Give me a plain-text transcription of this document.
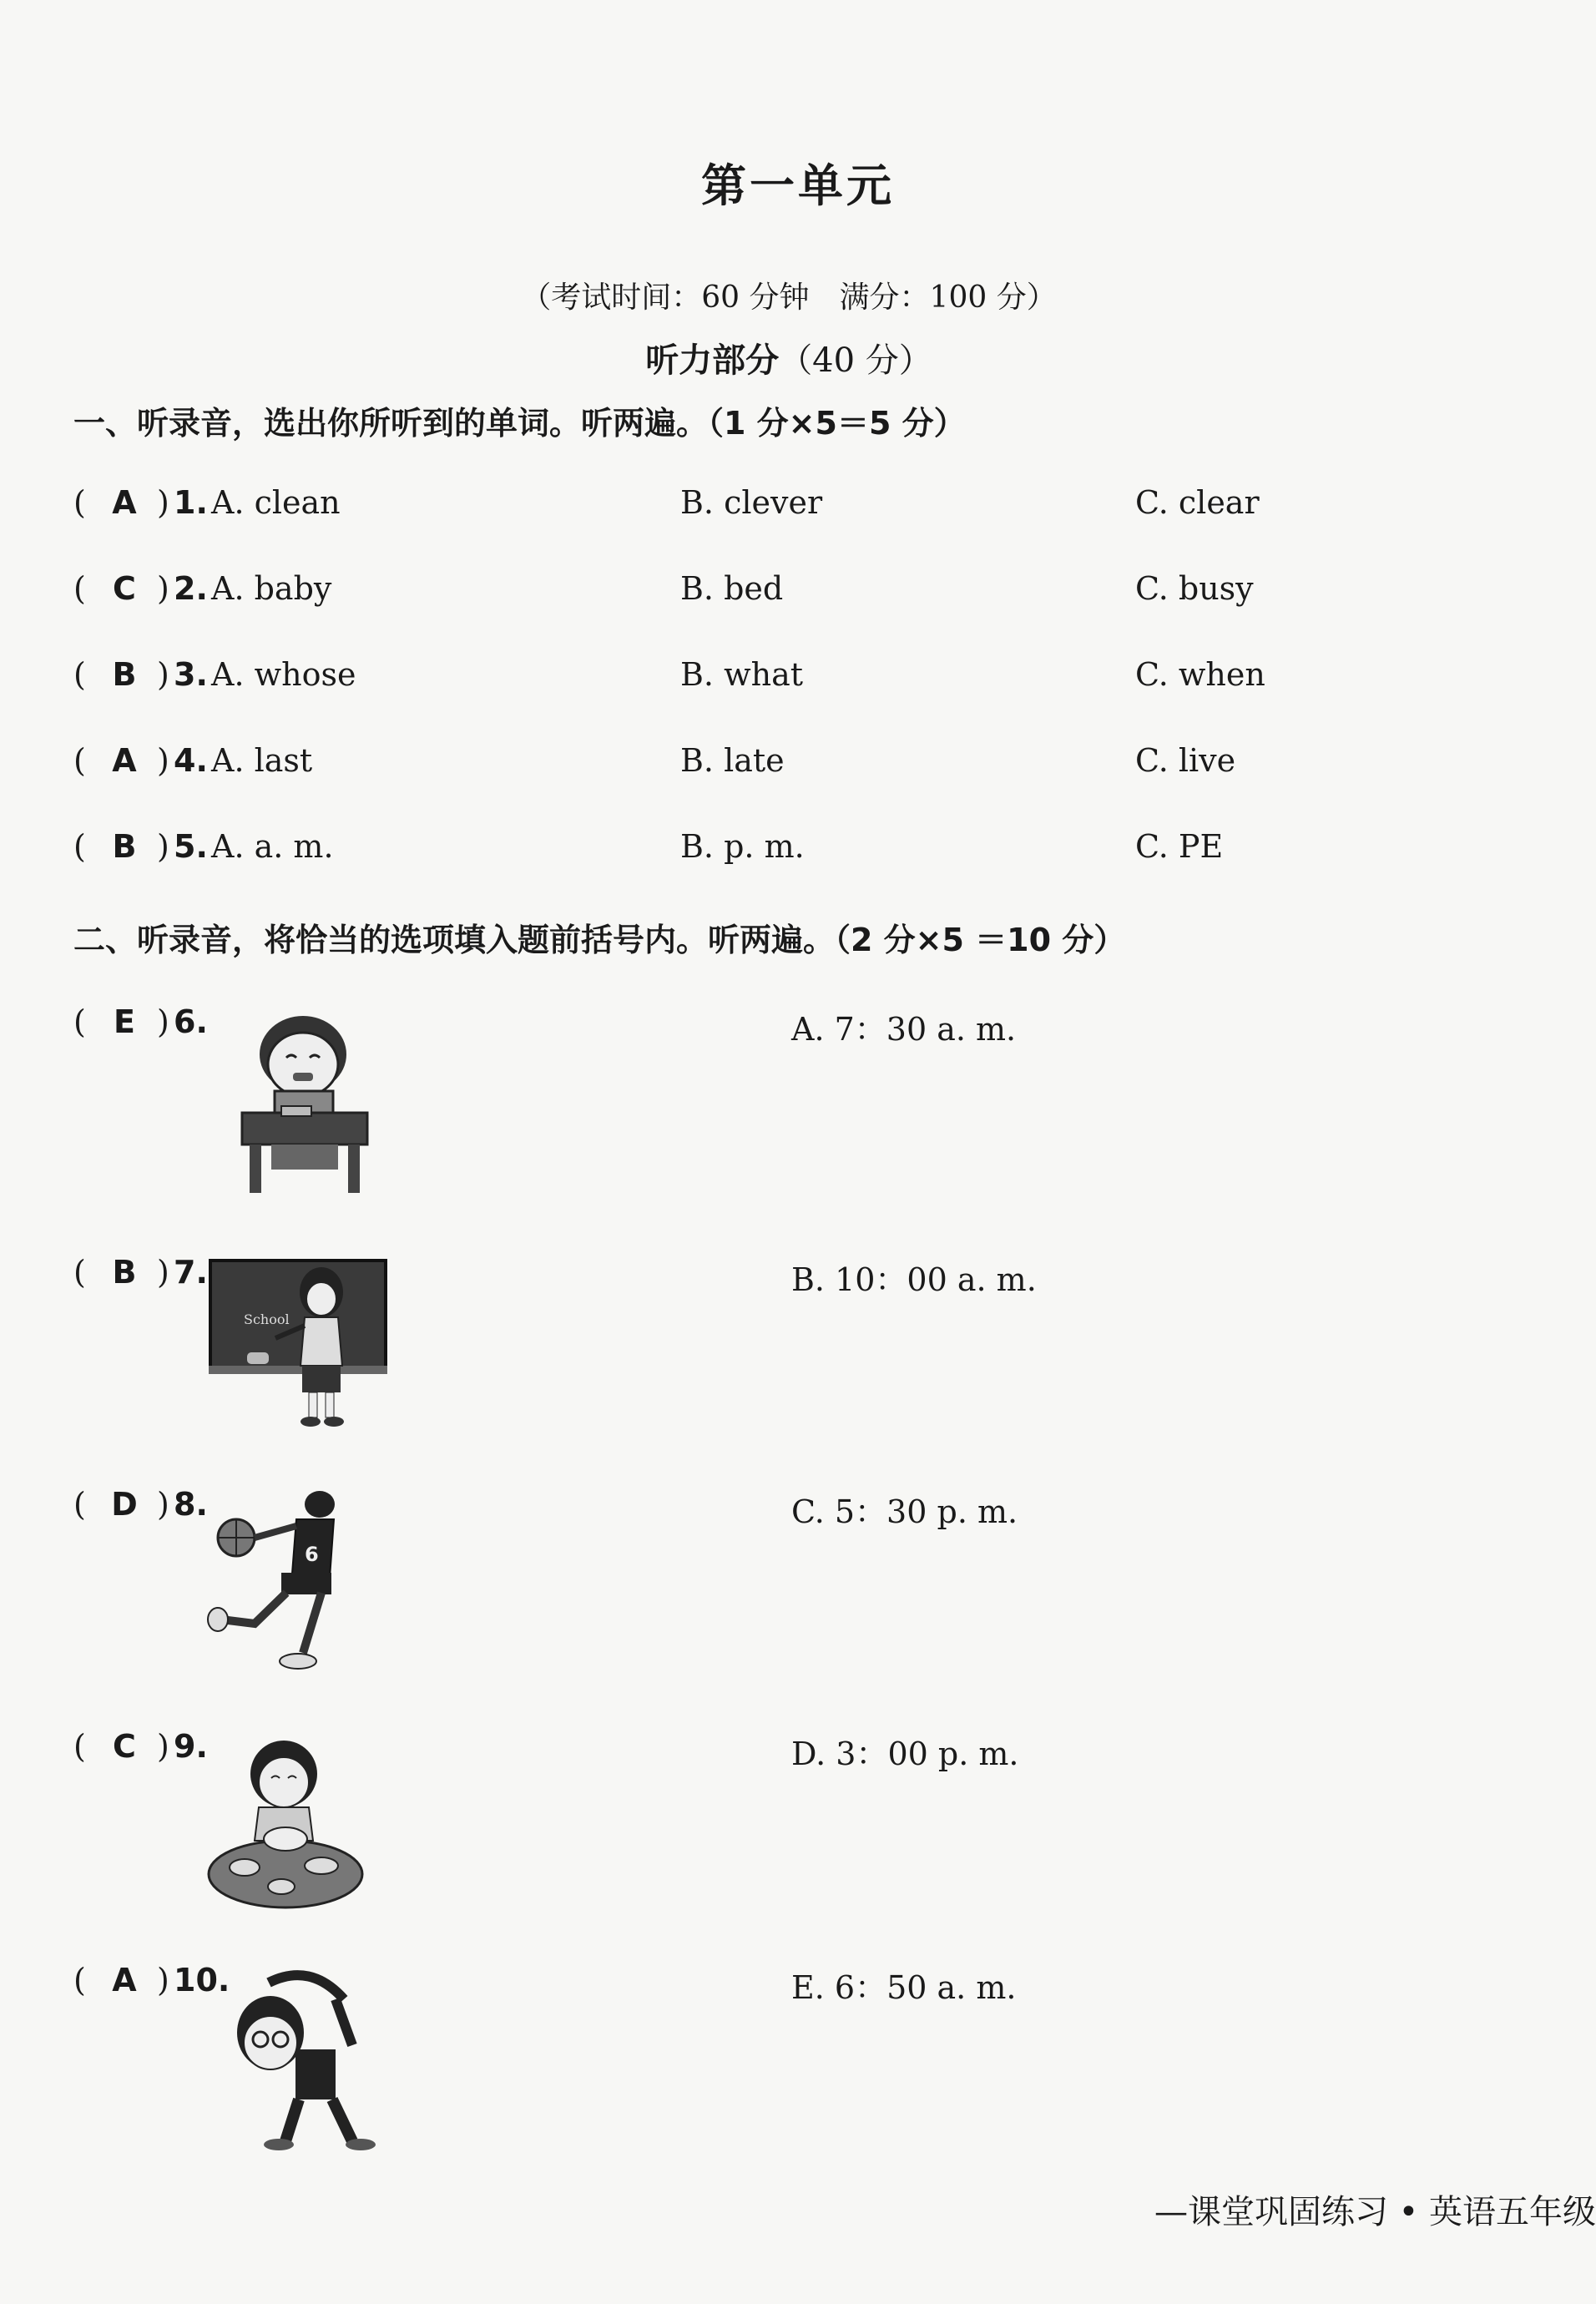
第一单元
（考试时间：60 分钟　满分：100 分）
听力部分（40 分）
一、听录音，选出你所听到的单词。听两遍。（1 分×5＝5 分）
( A ) 1. A. clean	B. clever	C. clear
( C ) 2. A. baby	B. bed	C. busy
( B ) 3. A. whose	B. what	C. when
( A ) 4. A. last	B. late	C. live
( B ) 5. A. a. m.	B. p. m.	C. PE
二、听录音，将恰当的选项填入题前括号内。听两遍。（2 分×5 ＝10 分）
( E ) 6.	A. 7：30 a. m.
( B ) 7.	B. 10：00 a. m.
School
( D ) 8.	C. 5：30 p. m.
6
( C ) 9.	D. 3：00 p. m.
( A ) 10.	E. 6：50 a. m.
—课堂巩固练习 • 英语五年级
